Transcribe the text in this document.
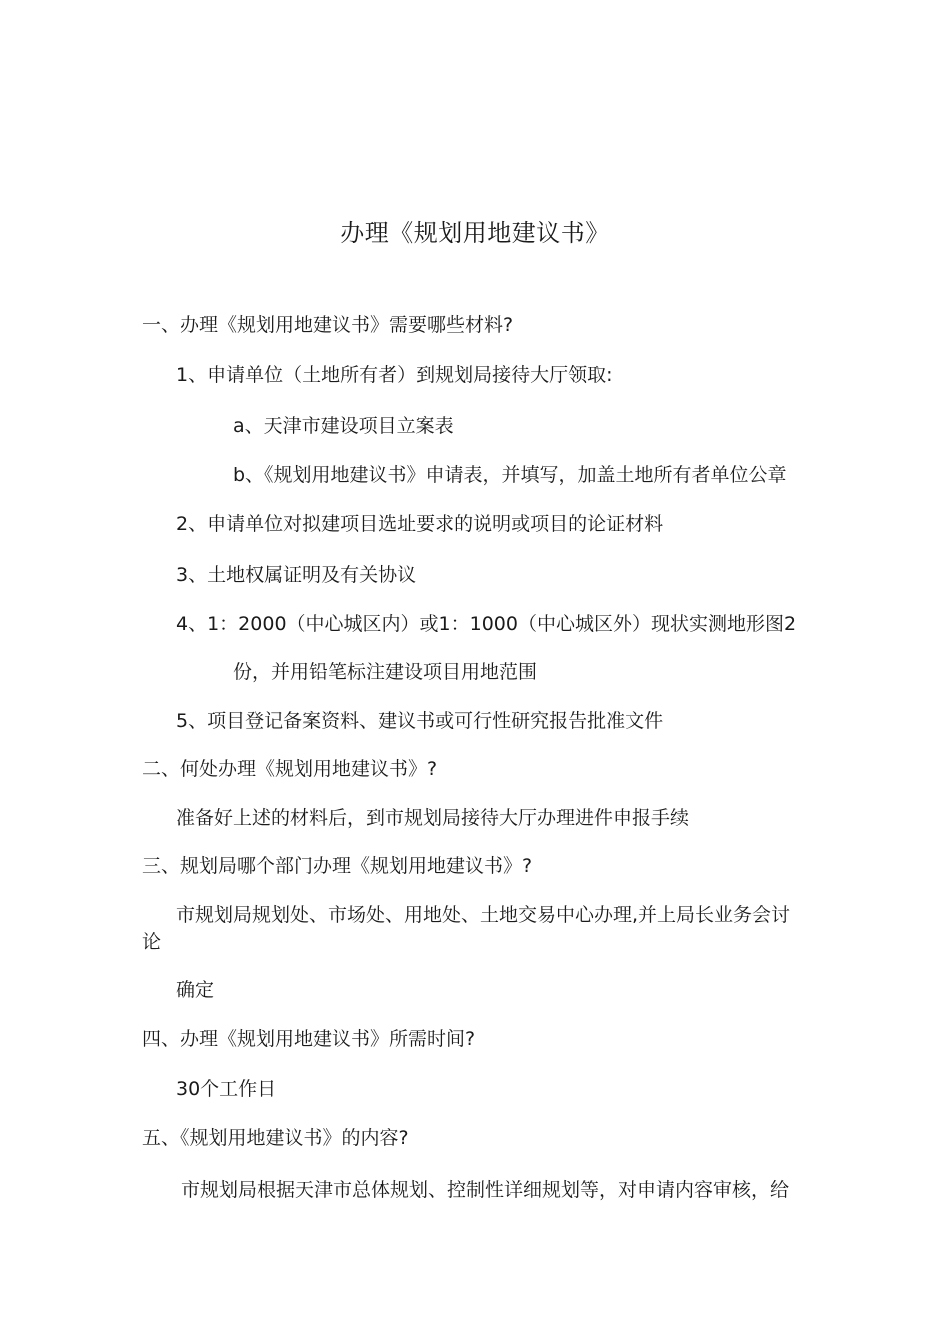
办理《规划用地建议书》
一、办理《规划用地建议书》需要哪些材料?
1、申请单位（土地所有者）到规划局接待大厅领取:
a、天津市建设项目立案表
b、《规划用地建议书》申请表，并填写，加盖土地所有者单位公章
2、申请单位对拟建项目选址要求的说明或项目的论证材料
3、土地权属证明及有关协议
4、1：2000（中心城区内）或1：1000（中心城区外）现状实测地形图2
份，并用铅笔标注建设项目用地范围
5、项目登记备案资料、建议书或可行性研究报告批准文件
二、何处办理《规划用地建议书》?
准备好上述的材料后，到市规划局接待大厅办理进件申报手续
三、规划局哪个部门办理《规划用地建议书》?
市规划局规划处、市场处、用地处、土地交易中心办理,并上局长业务会讨
论
确定
四、办理《规划用地建议书》所需时间?
30个工作日
五、《规划用地建议书》的内容?
市规划局根据天津市总体规划、控制性详细规划等，对申请内容审核，给
